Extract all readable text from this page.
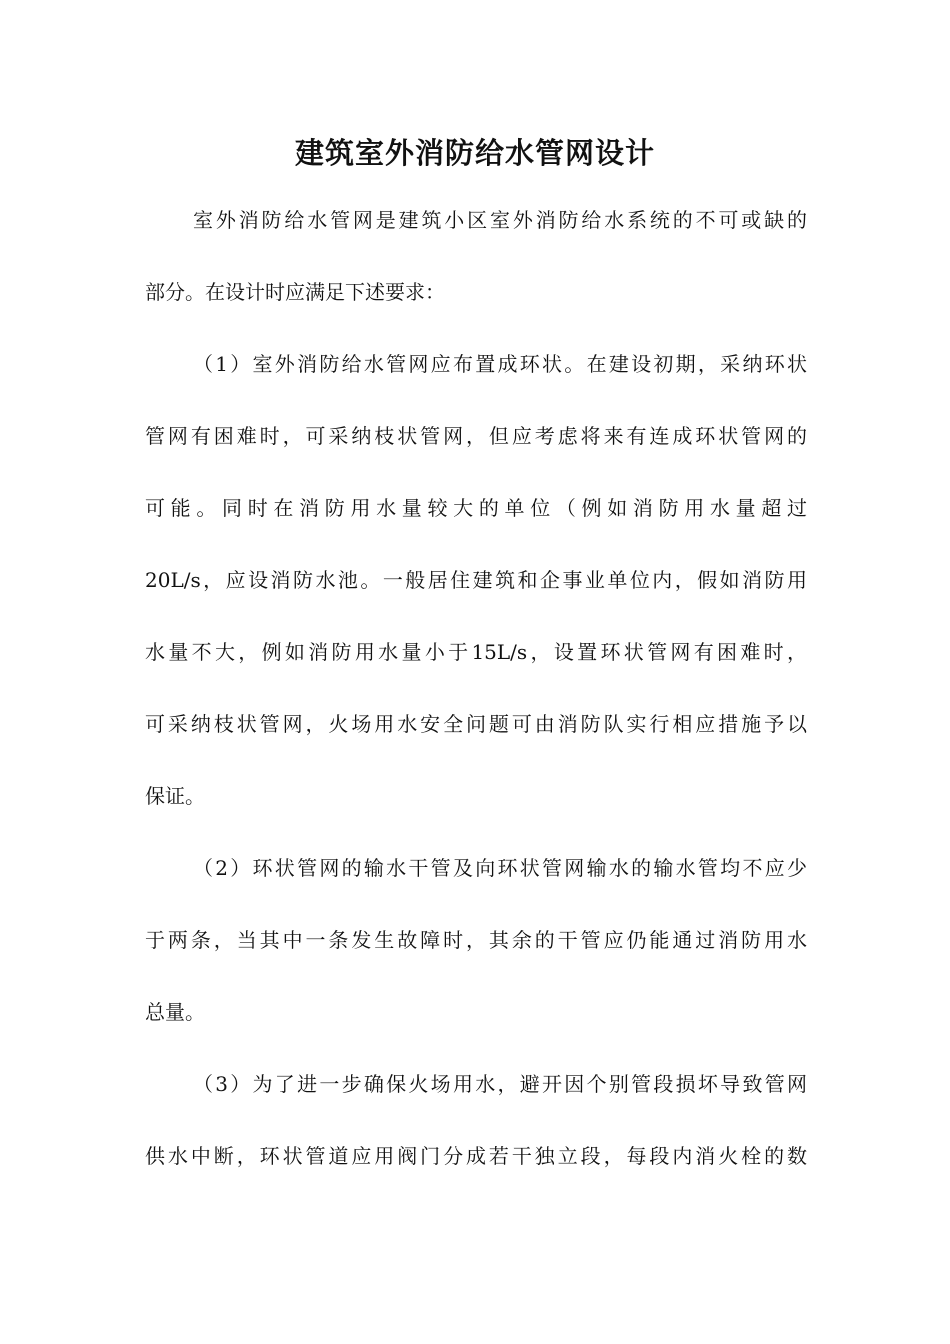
建筑室外消防给水管网设计
室外消防给水管网是建筑小区室外消防给水系统的不可或缺的
部分。在设计时应满足下述要求：
（1）室外消防给水管网应布置成环状。在建设初期，采纳环状
管网有困难时，可采纳枝状管网，但应考虑将来有连成环状管网的
可能。同时在消防用水量较大的单位（例如消防用水量超过
20L/s，应设消防水池。一般居住建筑和企事业单位内，假如消防用
水量不大，例如消防用水量小于15L/s，设置环状管网有困难时，
可采纳枝状管网，火场用水安全问题可由消防队实行相应措施予以
保证。
（2）环状管网的输水干管及向环状管网输水的输水管均不应少
于两条，当其中一条发生故障时，其余的干管应仍能通过消防用水
总量。
（3）为了进一步确保火场用水，避开因个别管段损坏导致管网
供水中断，环状管道应用阀门分成若干独立段，每段内消火栓的数
